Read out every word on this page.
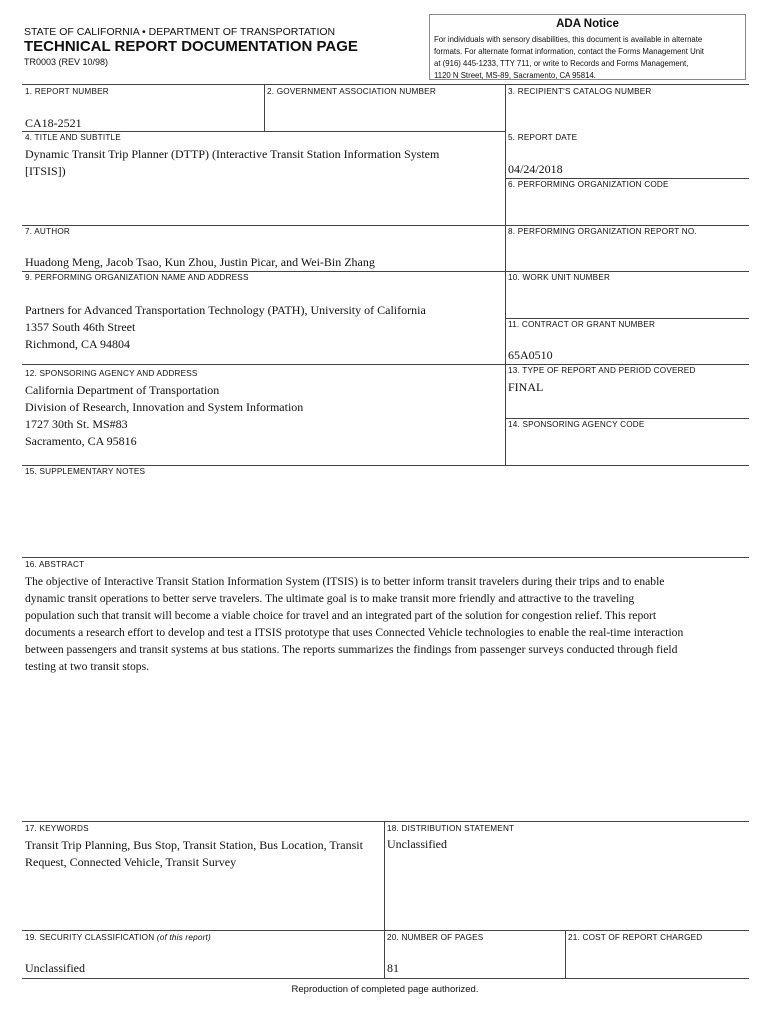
STATE OF CALIFORNIA • DEPARTMENT OF TRANSPORTATION
TECHNICAL REPORT DOCUMENTATION PAGE
TR0003 (REV 10/98)
ADA Notice
For individuals with sensory disabilities, this document is available in alternate
formats. For alternate format information, contact the Forms Management Unit
at (916) 445-1233, TTY 711, or write to Records and Forms Management,
1120 N Street, MS-89, Sacramento, CA 95814.
1. REPORT NUMBER
CA18-2521
2. GOVERNMENT ASSOCIATION NUMBER	3. RECIPIENT'S CATALOG NUMBER
4. TITLE AND SUBTITLE
Dynamic Transit Trip Planner (DTTP) (Interactive Transit Station Information System
[ITSIS])
5. REPORT DATE
04/24/2018
6. PERFORMING ORGANIZATION CODE
7. AUTHOR
Huadong Meng, Jacob Tsao, Kun Zhou, Justin Picar, and Wei-Bin Zhang
8. PERFORMING ORGANIZATION REPORT NO.
9. PERFORMING ORGANIZATION NAME AND ADDRESS
Partners for Advanced Transportation Technology (PATH), University of California
1357 South 46th Street
Richmond, CA 94804
10. WORK UNIT NUMBER
11. CONTRACT OR GRANT NUMBER
65A0510
12. SPONSORING AGENCY AND ADDRESS
California Department of Transportation
Division of Research, Innovation and System Information
1727 30th St. MS#83
Sacramento, CA 95816
13. TYPE OF REPORT AND PERIOD COVERED
FINAL
14. SPONSORING AGENCY CODE
15. SUPPLEMENTARY NOTES
16. ABSTRACT
The objective of Interactive Transit Station Information System (ITSIS) is to better inform transit travelers during their trips and to enable
dynamic transit operations to better serve travelers. The ultimate goal is to make transit more friendly and attractive to the traveling
population such that transit will become a viable choice for travel and an integrated part of the solution for congestion relief. This report
documents a research effort to develop and test a ITSIS prototype that uses Connected Vehicle technologies to enable the real-time interaction
between passengers and transit systems at bus stations. The reports summarizes the findings from passenger surveys conducted through field
testing at two transit stops.
17. KEYWORDS
Transit Trip Planning, Bus Stop, Transit Station, Bus Location, Transit
Request, Connected Vehicle, Transit Survey
18. DISTRIBUTION STATEMENT
Unclassified
19. SECURITY CLASSIFICATION (of this report)
Unclassified
20. NUMBER OF PAGES
81
21. COST OF REPORT CHARGED
Reproduction of completed page authorized.
